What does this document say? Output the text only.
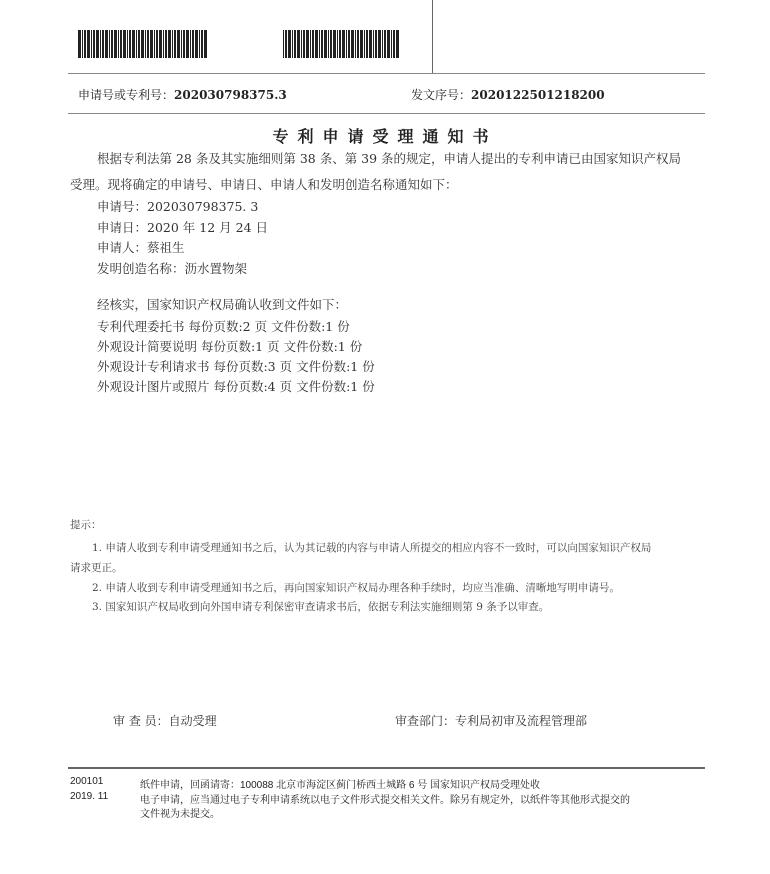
申请号或专利号：202030798375.3	发文序号：2020122501218200
专利申请受理通知书
根据专利法第 28 条及其实施细则第 38 条、第 39 条的规定，申请人提出的专利申请已由国家知识产权局
受理。现将确定的申请号、申请日、申请人和发明创造名称通知如下：
申请号：202030798375. 3
申请日：2020 年 12 月 24 日
申请人：蔡祖生
发明创造名称：沥水置物架
经核实，国家知识产权局确认收到文件如下：
专利代理委托书 每份页数:2 页 文件份数:1 份
外观设计简要说明 每份页数:1 页 文件份数:1 份
外观设计专利请求书 每份页数:3 页 文件份数:1 份
外观设计图片或照片 每份页数:4 页 文件份数:1 份
提示：
1. 申请人收到专利申请受理通知书之后，认为其记载的内容与申请人所提交的相应内容不一致时，可以向国家知识产权局
请求更正。
2. 申请人收到专利申请受理通知书之后，再向国家知识产权局办理各种手续时，均应当准确、清晰地写明申请号。
3. 国家知识产权局收到向外国申请专利保密审查请求书后，依据专利法实施细则第 9 条予以审查。
审 查 员：自动受理	审查部门：专利局初审及流程管理部
200101
2019. 11
纸件申请，回函请寄：100088 北京市海淀区蓟门桥西土城路 6 号 国家知识产权局受理处收
电子申请，应当通过电子专利申请系统以电子文件形式提交相关文件。除另有规定外，以纸件等其他形式提交的
文件视为未提交。
